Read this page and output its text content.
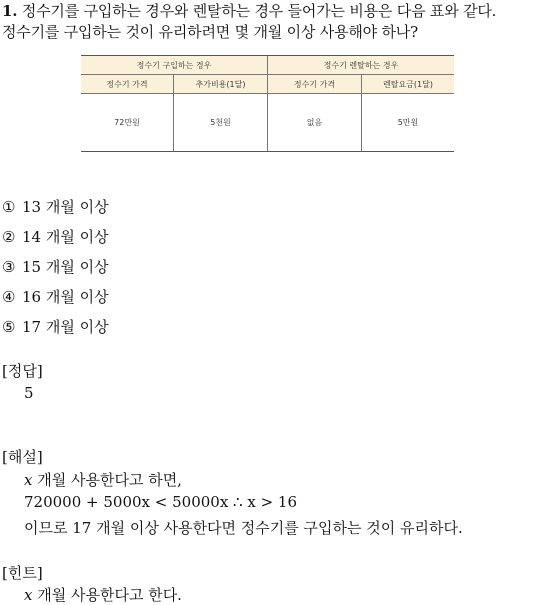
1. 정수기를 구입하는 경우와 렌탈하는 경우 들어가는 비용은 다음 표와 같다.
정수기를 구입하는 것이 유리하려면 몇 개월 이상 사용해야 하나?
정수기 구입하는 경우		정수기 렌탈하는 경우	
정수기 가격	추가비용(1달)	정수기 가격	렌탈요금(1달)
72만원	5천원	없음	5만원
① 13 개월 이상
② 14 개월 이상
③ 15 개월 이상
④ 16 개월 이상
⑤ 17 개월 이상
[정답]
5
[해설]
x 개월 사용한다고 하면,
720000 + 5000x < 50000x ∴ x > 16
이므로 17 개월 이상 사용한다면 정수기를 구입하는 것이 유리하다.
[힌트]
x 개월 사용한다고 한다.
